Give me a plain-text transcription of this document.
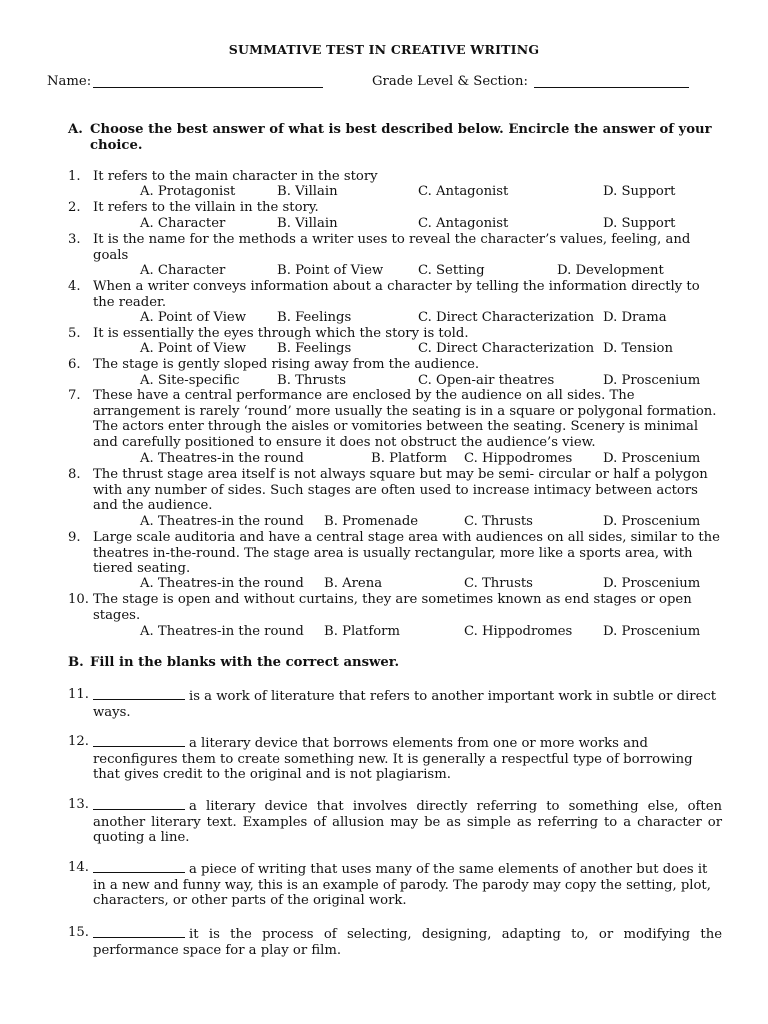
SUMMATIVE TEST IN CREATIVE WRITING
Name:	Grade Level & Section:
A. Choose the best answer of what is best described below. Encircle the answer of your choice.
1. It refers to the main character in the story
A. Protagonist	B. Villain	C. Antagonist	D. Support
2. It refers to the villain in the story.
A. Character	B. Villain	C. Antagonist	D. Support
3. It is the name for the methods a writer uses to reveal the character’s values, feeling, and goals
A. Character	B. Point of View	C. Setting	D. Development
4. When a writer conveys information about a character by telling the information directly to the reader.
A. Point of View B. Feelings	C. Direct Characterization D. Drama
5. It is essentially the eyes through which the story is told.
A. Point of View B. Feelings	C. Direct Characterization D. Tension
6. The stage is gently sloped rising away from the audience.
A. Site-specific	B. Thrusts	C. Open-air theatres	D. Proscenium
7. These have a central performance are enclosed by the audience on all sides. The arrangement is rarely ‘round’ more usually the seating is in a square or polygonal formation. The actors enter through the aisles or vomitories between the seating. Scenery is minimal and carefully positioned to ensure it does not obstruct the audience’s view.
A. Theatres-in the round	B. Platform C. Hippodromes D. Proscenium
8. The thrust stage area itself is not always square but may be semi- circular or half a polygon with any number of sides. Such stages are often used to increase intimacy between actors and the audience.
A. Theatres-in the round B. Promenade	C. Thrusts	D. Proscenium
9. Large scale auditoria and have a central stage area with audiences on all sides, similar to the theatres in-the-round. The stage area is usually rectangular, more like a sports area, with tiered seating.
A. Theatres-in the round B. Arena	C. Thrusts	D. Proscenium
10. The stage is open and without curtains, they are sometimes known as end stages or open stages.
A. Theatres-in the round B. Platform	C. Hippodromes D. Proscenium
B. Fill in the blanks with the correct answer.
11.	is a work of literature that refers to another important work in subtle or direct ways.
12.	a literary device that borrows elements from one or more works and reconfigures them to create something new. It is generally a respectful type of borrowing that gives credit to the original and is not plagiarism.
13.	a literary device that involves directly referring to something else, often another literary text. Examples of allusion may be as simple as referring to a character or quoting a line.
14.	a piece of writing that uses many of the same elements of another but does it in a new and funny way, this is an example of parody. The parody may copy the setting, plot, characters, or other parts of the original work.
15.	it is the process of selecting, designing, adapting to, or modifying the performance space for a play or film.
